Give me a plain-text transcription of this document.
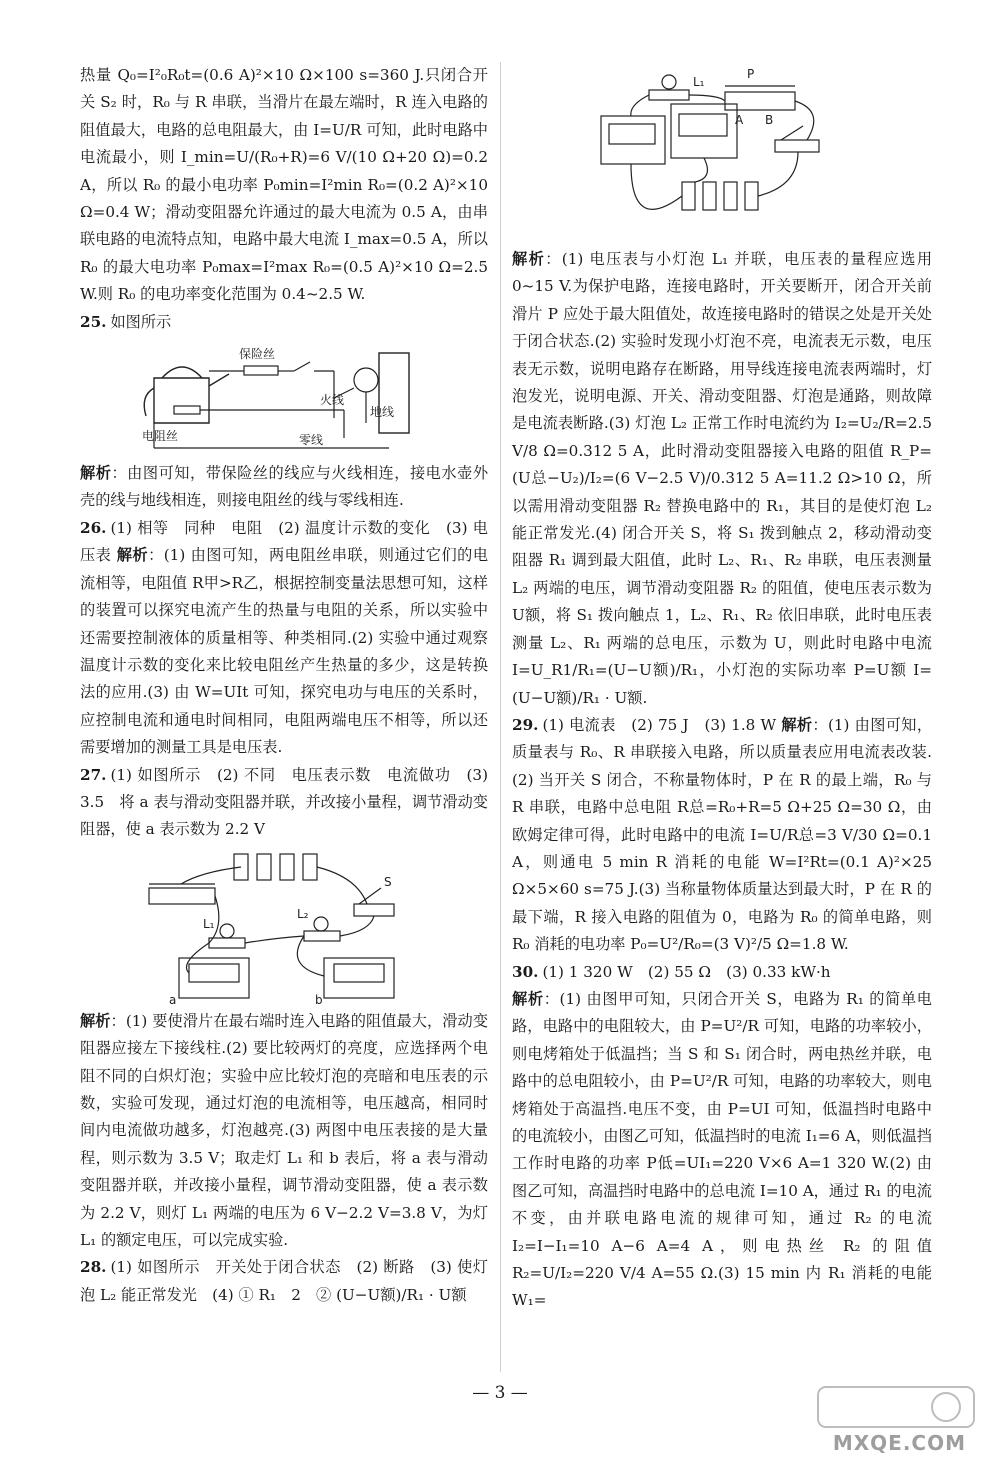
热量 Q₀=I²₀R₀t=(0.6 A)²×10 Ω×100 s=360 J.只闭合开关 S₂ 时，R₀ 与 R 串联，当滑片在最左端时，R 连入电路的阻值最大，电路的总电阻最大，由 I=U/R 可知，此时电路中电流最小，则 I_min=U/(R₀+R)=6 V/(10 Ω+20 Ω)=0.2 A，所以 R₀ 的最小电功率 P₀min=I²min R₀=(0.2 A)²×10 Ω=0.4 W；滑动变阻器允许通过的最大电流为 0.5 A，由串联电路的电流特点知，电路中最大电流 I_max=0.5 A，所以 R₀ 的最大电功率 P₀max=I²max R₀=(0.5 A)²×10 Ω=2.5 W.则 R₀ 的电功率变化范围为 0.4~2.5 W.

25. 如图所示

保险丝
火线
地线
电阻丝	零线

解析：由图可知，带保险丝的线应与火线相连，接电水壶外壳的线与地线相连，则接电阻丝的线与零线相连.

26. (1) 相等　同种　电阻　(2) 温度计示数的变化　(3) 电压表 解析：(1) 由图可知，两电阻丝串联，则通过它们的电流相等，电阻值 R甲>R乙，根据控制变量法思想可知，这样的装置可以探究电流产生的热量与电阻的关系，所以实验中还需要控制液体的质量相等、种类相同.(2) 实验中通过观察温度计示数的变化来比较电阻丝产生热量的多少，这是转换法的应用.(3) 由 W=UIt 可知，探究电功与电压的关系时，应控制电流和通电时间相同，电阻两端电压不相等，所以还需要增加的测量工具是电压表.

27. (1) 如图所示　(2) 不同　电压表示数　电流做功　(3) 3.5　将 a 表与滑动变阻器并联，并改接小量程，调节滑动变阻器，使 a 表示数为 2.2 V

S
L₁
L₂
a	b

解析：(1) 要使滑片在最右端时连入电路的阻值最大，滑动变阻器应接左下接线柱.(2) 要比较两灯的亮度，应选择两个电阻不同的白炽灯泡；实验中应比较灯泡的亮暗和电压表的示数，实验可发现，通过灯泡的电流相等，电压越高，相同时间内电流做功越多，灯泡越亮.(3) 两图中电压表接的是大量程，则示数为 3.5 V；取走灯 L₁ 和 b 表后，将 a 表与滑动变阻器并联，并改接小量程，调节滑动变阻器，使 a 表示数为 2.2 V，则灯 L₁ 两端的电压为 6 V−2.2 V=3.8 V，为灯 L₁ 的额定电压，可以完成实验.

28. (1) 如图所示　开关处于闭合状态　(2) 断路　(3) 使灯泡 L₂ 能正常发光　(4) ① R₁　2　② (U−U额)/R₁ · U额

P
L₁
A B

解析：(1) 电压表与小灯泡 L₁ 并联，电压表的量程应选用 0~15 V.为保护电路，连接电路时，开关要断开，闭合开关前滑片 P 应处于最大阻值处，故连接电路时的错误之处是开关处于闭合状态.(2) 实验时发现小灯泡不亮，电流表无示数，电压表无示数，说明电路存在断路，用导线连接电流表两端时，灯泡发光，说明电源、开关、滑动变阻器、灯泡是通路，则故障是电流表断路.(3) 灯泡 L₂ 正常工作时电流约为 I₂=U₂/R=2.5 V/8 Ω=0.312 5 A，此时滑动变阻器接入电路的阻值 R_P=(U总−U₂)/I₂=(6 V−2.5 V)/0.312 5 A=11.2 Ω>10 Ω，所以需用滑动变阻器 R₂ 替换电路中的 R₁，其目的是使灯泡 L₂ 能正常发光.(4) 闭合开关 S，将 S₁ 拨到触点 2，移动滑动变阻器 R₁ 调到最大阻值，此时 L₂、R₁、R₂ 串联，电压表测量 L₂ 两端的电压，调节滑动变阻器 R₂ 的阻值，使电压表示数为 U额，将 S₁ 拨向触点 1，L₂、R₁、R₂ 依旧串联，此时电压表测量 L₂、R₁ 两端的总电压，示数为 U，则此时电路中电流 I=U_R1/R₁=(U−U额)/R₁，小灯泡的实际功率 P=U额 I=(U−U额)/R₁ · U额.

29. (1) 电流表　(2) 75 J　(3) 1.8 W 解析：(1) 由图可知，质量表与 R₀、R 串联接入电路，所以质量表应用电流表改装.(2) 当开关 S 闭合，不称量物体时，P 在 R 的最上端，R₀ 与 R 串联，电路中总电阻 R总=R₀+R=5 Ω+25 Ω=30 Ω，由欧姆定律可得，此时电路中的电流 I=U/R总=3 V/30 Ω=0.1 A，则通电 5 min R 消耗的电能 W=I²Rt=(0.1 A)²×25 Ω×5×60 s=75 J.(3) 当称量物体质量达到最大时，P 在 R 的最下端，R 接入电路的阻值为 0，电路为 R₀ 的简单电路，则 R₀ 消耗的电功率 P₀=U²/R₀=(3 V)²/5 Ω=1.8 W.

30. (1) 1 320 W　(2) 55 Ω　(3) 0.33 kW·h

解析：(1) 由图甲可知，只闭合开关 S，电路为 R₁ 的简单电路，电路中的电阻较大，由 P=U²/R 可知，电路的功率较小，则电烤箱处于低温挡；当 S 和 S₁ 闭合时，两电热丝并联，电路中的总电阻较小，由 P=U²/R 可知，电路的功率较大，则电烤箱处于高温挡.电压不变，由 P=UI 可知，低温挡时电路中的电流较小，由图乙可知，低温挡时的电流 I₁=6 A，则低温挡工作时电路的功率 P低=UI₁=220 V×6 A=1 320 W.(2) 由图乙可知，高温挡时电路中的总电流 I=10 A，通过 R₁ 的电流不变，由并联电路电流的规律可知，通过 R₂ 的电流 I₂=I−I₁=10 A−6 A=4 A，则电热丝 R₂ 的阻值 R₂=U/I₂=220 V/4 A=55 Ω.(3) 15 min 内 R₁ 消耗的电能 W₁=

— 3 —
MXQE.COM
